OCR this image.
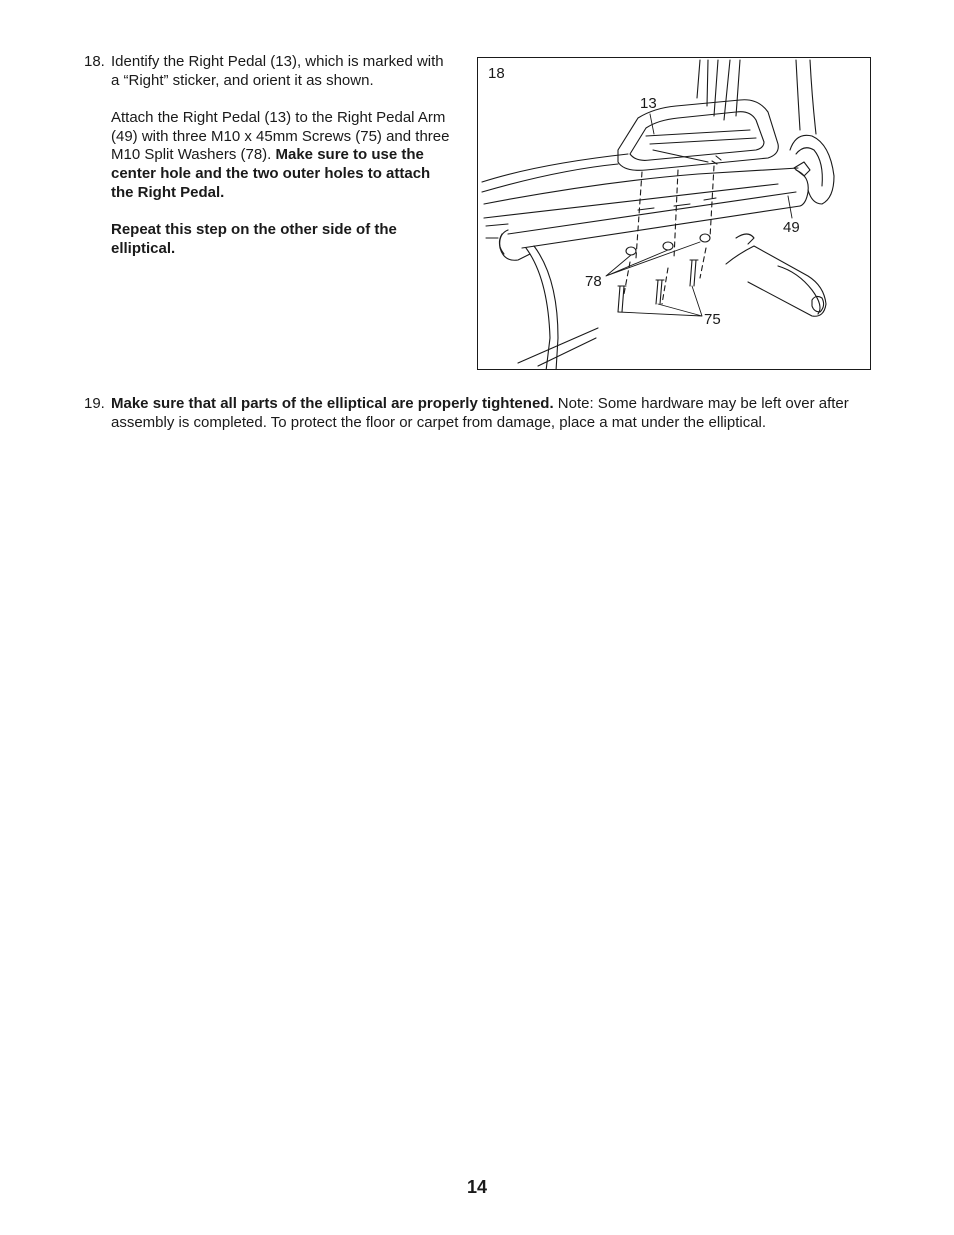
18. Identify the Right Pedal (13), which is marked with a “Right” sticker, and orient it as shown.

Attach the Right Pedal (13) to the Right Pedal Arm (49) with three M10 x 45mm Screws (75) and three M10 Split Washers (78). Make sure to use the center hole and the two outer holes to attach the Right Pedal.

Repeat this step on the other side of the elliptical.

18
13
49
78
75
19. Make sure that all parts of the elliptical are properly tightened. Note: Some hardware may be left over after assembly is completed. To protect the floor or carpet from damage, place a mat under the elliptical.

14
